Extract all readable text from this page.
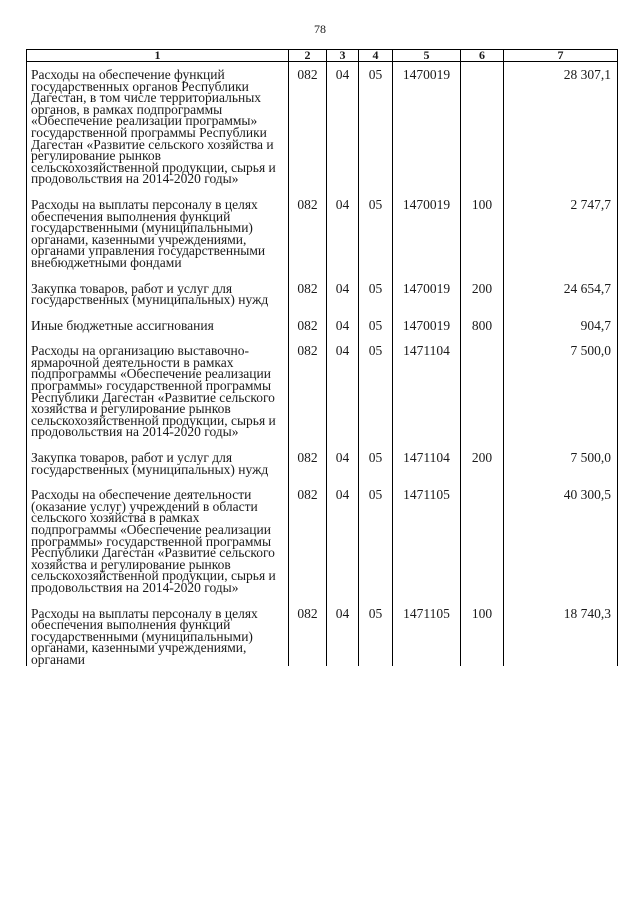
78
1	2	3	4	5	6	7
Расходы на обеспечение функций государственных органов Республики Дагестан, в том числе территориальных органов, в рамках подпрограммы «Обеспечение реализации программы» государственной программы Республики Дагестан «Развитие сельского хозяйства и регулирование рынков сельскохозяйственной продукции, сырья и продовольствия на 2014-2020 годы»	082	04	05	1470019		28 307,1

Расходы на выплаты персоналу в целях обеспечения выполнения функций государственными (муниципальными) органами, казенными учреждениями, органами управления государственными внебюджетными фондами	082	04	05	1470019	100	2 747,7

Закупка товаров, работ и услуг для государственных (муниципальных) нужд	082	04	05	1470019	200	24 654,7

Иные бюджетные ассигнования	082	04	05	1470019	800	904,7

Расходы на организацию выставочно-ярмарочной деятельности в рамках подпрограммы «Обеспечение реализации программы» государственной программы Республики Дагестан «Развитие сельского хозяйства и регулирование рынков сельскохозяйственной продукции, сырья и продовольствия на 2014-2020 годы»	082	04	05	1471104		7 500,0

Закупка товаров, работ и услуг для государственных (муниципальных) нужд	082	04	05	1471104	200	7 500,0

Расходы на обеспечение деятельности (оказание услуг) учреждений в области сельского хозяйства в рамках подпрограммы «Обеспечение реализации программы» государственной программы Республики Дагестан «Развитие сельского хозяйства и регулирование рынков сельскохозяйственной продукции, сырья и продовольствия на 2014-2020 годы»	082	04	05	1471105		40 300,5

Расходы на выплаты персоналу в целях обеспечения выполнения функций государственными (муниципальными) органами, казенными учреждениями, органами	082	04	05	1471105	100	18 740,3
